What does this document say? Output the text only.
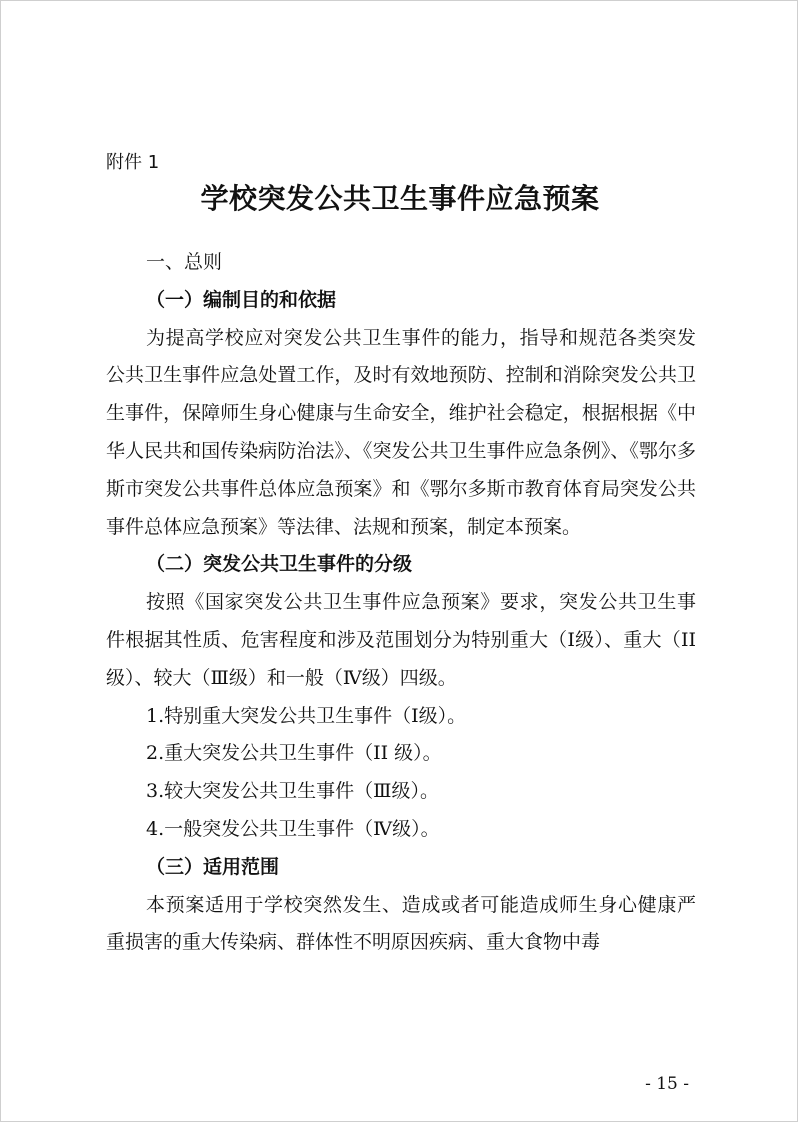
附件 1
学校突发公共卫生事件应急预案

一、总则

（一）编制目的和依据

为提高学校应对突发公共卫生事件的能力，指导和规范各类突发公共卫生事件应急处置工作，及时有效地预防、控制和消除突发公共卫生事件，保障师生身心健康与生命安全，维护社会稳定，根据根据《中华人民共和国传染病防治法》、《突发公共卫生事件应急条例》、《鄂尔多斯市突发公共事件总体应急预案》和《鄂尔多斯市教育体育局突发公共事件总体应急预案》等法律、法规和预案，制定本预案。

（二）突发公共卫生事件的分级

按照《国家突发公共卫生事件应急预案》要求，突发公共卫生事件根据其性质、危害程度和涉及范围划分为特别重大（Ⅰ级）、重大（II 级）、较大（Ⅲ级）和一般（Ⅳ级）四级。

1.特别重大突发公共卫生事件（Ⅰ级）。

2.重大突发公共卫生事件（II 级）。

3.较大突发公共卫生事件（Ⅲ级）。

4.一般突发公共卫生事件（Ⅳ级）。

（三）适用范围

本预案适用于学校突然发生、造成或者可能造成师生身心健康严重损害的重大传染病、群体性不明原因疾病、重大食物中毒

- 15 -
